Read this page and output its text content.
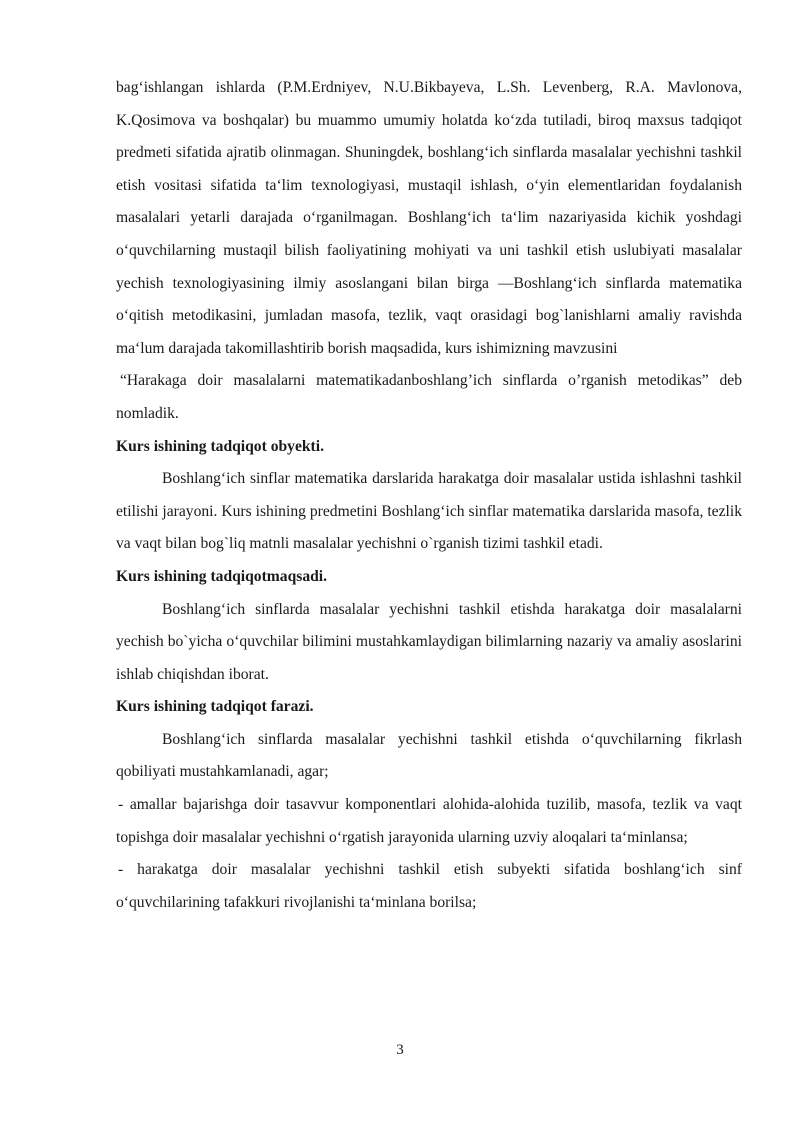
bag‘ishlangan ishlarda (P.M.Erdniyev, N.U.Bikbayeva, L.Sh. Levenberg, R.A. Mavlonova, K.Qosimova va boshqalar) bu muammo umumiy holatda ko‘zda tutiladi, biroq maxsus tadqiqot predmeti sifatida ajratib olinmagan. Shuningdek, boshlang‘ich sinflarda masalalar yechishni tashkil etish vositasi sifatida ta‘lim texnologiyasi, mustaqil ishlash, o‘yin elementlaridan foydalanish masalalari yetarli darajada o‘rganilmagan. Boshlang‘ich ta‘lim nazariyasida kichik yoshdagi o‘quvchilarning mustaqil bilish faoliyatining mohiyati va uni tashkil etish uslubiyati masalalar yechish texnologiyasining ilmiy asoslangani bilan birga —Boshlang‘ich sinflarda matematika o‘qitish metodikasini, jumladan masofa, tezlik, vaqt orasidagi bog`lanishlarni amaliy ravishda ma‘lum darajada takomillashtirib borish maqsadida, kurs ishimizning mavzusini

“Harakaga doir masalalarni matematikadanboshlang’ich sinflarda o’rganish metodikas” deb nomladik.

Kurs ishining tadqiqot obyekti.

Boshlang‘ich sinflar matematika darslarida harakatga doir masalalar ustida ishlashni tashkil etilishi jarayoni. Kurs ishining predmetini Boshlang‘ich sinflar matematika darslarida masofa, tezlik va vaqt bilan bog`liq matnli masalalar yechishni o`rganish tizimi tashkil etadi.

Kurs ishining tadqiqotmaqsadi.

Boshlang‘ich sinflarda masalalar yechishni tashkil etishda harakatga doir masalalarni yechish bo`yicha o‘quvchilar bilimini mustahkamlaydigan bilimlarning nazariy va amaliy asoslarini ishlab chiqishdan iborat.

Kurs ishining tadqiqot farazi.

Boshlang‘ich sinflarda masalalar yechishni tashkil etishda o‘quvchilarning fikrlash qobiliyati mustahkamlanadi, agar;

- amallar bajarishga doir tasavvur komponentlari alohida-alohida tuzilib, masofa, tezlik va vaqt topishga doir masalalar yechishni o‘rgatish jarayonida ularning uzviy aloqalari ta‘minlansa;

- harakatga doir masalalar yechishni tashkil etish subyekti sifatida boshlang‘ich sinf o‘quvchilarining tafakkuri rivojlanishi ta‘minlana borilsa;

3
